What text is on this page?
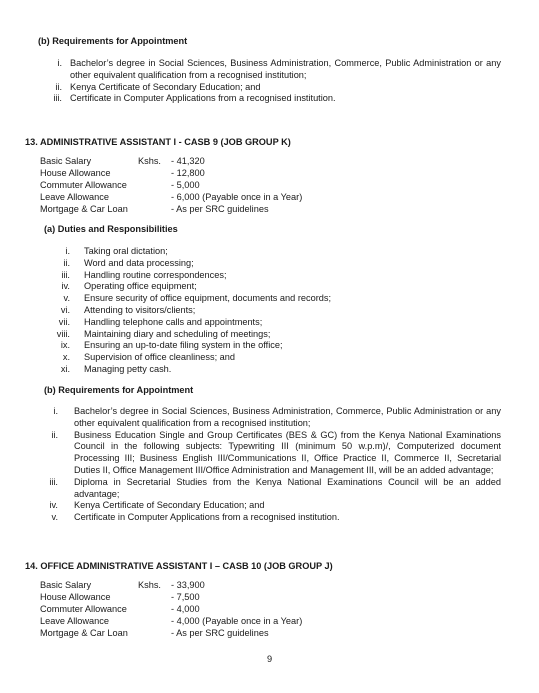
(b) Requirements for Appointment
i. Bachelor’s degree in Social Sciences, Business Administration, Commerce, Public Administration or any other equivalent qualification from a recognised institution;
ii. Kenya Certificate of Secondary Education; and
iii. Certificate in Computer Applications from a recognised institution.
13. ADMINISTRATIVE ASSISTANT I - CASB 9 (JOB GROUP K)
Basic Salary	Kshs.	- 41,320
House Allowance		- 12,800
Commuter Allowance		- 5,000
Leave Allowance		- 6,000 (Payable once in a Year)
Mortgage & Car Loan		- As per SRC guidelines
(a) Duties and Responsibilities
i. Taking oral dictation;
ii. Word and data processing;
iii. Handling routine correspondences;
iv. Operating office equipment;
v. Ensure security of office equipment, documents and records;
vi. Attending to visitors/clients;
vii. Handling telephone calls and appointments;
viii. Maintaining diary and scheduling of meetings;
ix. Ensuring an up-to-date filing system in the office;
x. Supervision of office cleanliness; and
xi. Managing petty cash.
(b) Requirements for Appointment
i. Bachelor’s degree in Social Sciences, Business Administration, Commerce, Public Administration or any other equivalent qualification from a recognised institution;
ii. Business Education Single and Group Certificates (BES & GC) from the Kenya National Examinations Council in the following subjects: Typewriting III (minimum 50 w.p.m)/, Computerized document Processing III; Business English III/Communications II, Office Practice II, Commerce II, Secretarial Duties II, Office Management III/Office Administration and Management III, will be an added advantage;
iii. Diploma in Secretarial Studies from the Kenya National Examinations Council will be an added advantage;
iv. Kenya Certificate of Secondary Education; and
v. Certificate in Computer Applications from a recognised institution.
14. OFFICE ADMINISTRATIVE ASSISTANT I – CASB 10 (JOB GROUP J)
Basic Salary	Kshs.	- 33,900
House Allowance		- 7,500
Commuter Allowance		- 4,000
Leave Allowance		- 4,000 (Payable once in a Year)
Mortgage & Car Loan		- As per SRC guidelines
9
